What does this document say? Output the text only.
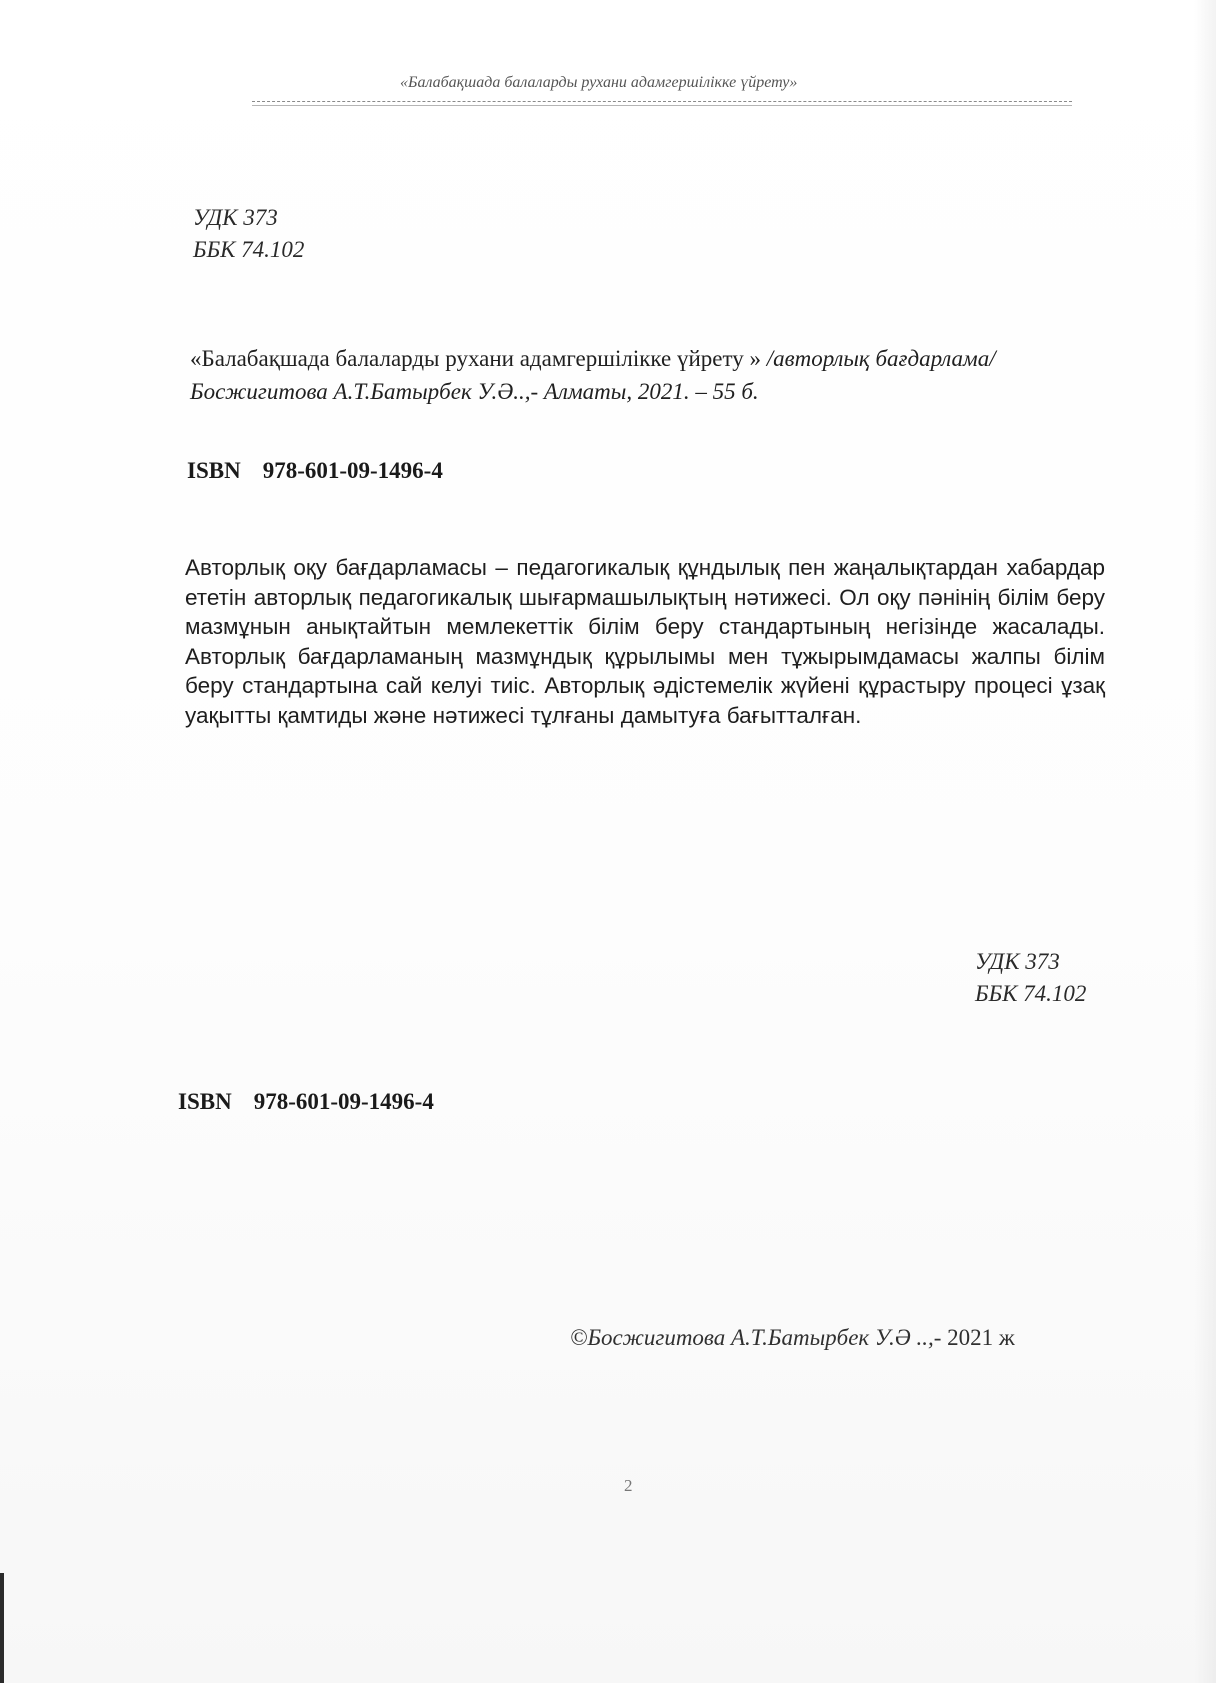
«Балабақшада балаларды рухани адамгершілікке үйрету»
УДК 373
ББК 74.102
«Балабақшада балаларды рухани адамгершілікке үйрету » /авторлық бағдарлама/Босжигитова А.Т.Батырбек У.Ә..,- Алматы, 2021. – 55 б.
ISBN 978-601-09-1496-4
Авторлық оқу бағдарламасы – педагогикалық құндылық пен жаңалықтардан хабардар ететін авторлық педагогикалық шығармашылықтың нәтижесі. Ол оқу пәнінің білім беру мазмұнын анықтайтын мемлекеттік білім беру стандартының негізінде жасалады. Авторлық бағдарламаның мазмұндық құрылымы мен тұжырымдамасы жалпы білім беру стандартына сай келуі тиіс. Авторлық әдістемелік жүйені құрастыру процесі ұзақ уақытты қамтиды және нәтижесі тұлғаны дамытуға бағытталған.
УДК 373
ББК 74.102
ISBN 978-601-09-1496-4
©Босжигитова А.Т.Батырбек У.Ә ..,- 2021 ж
2
